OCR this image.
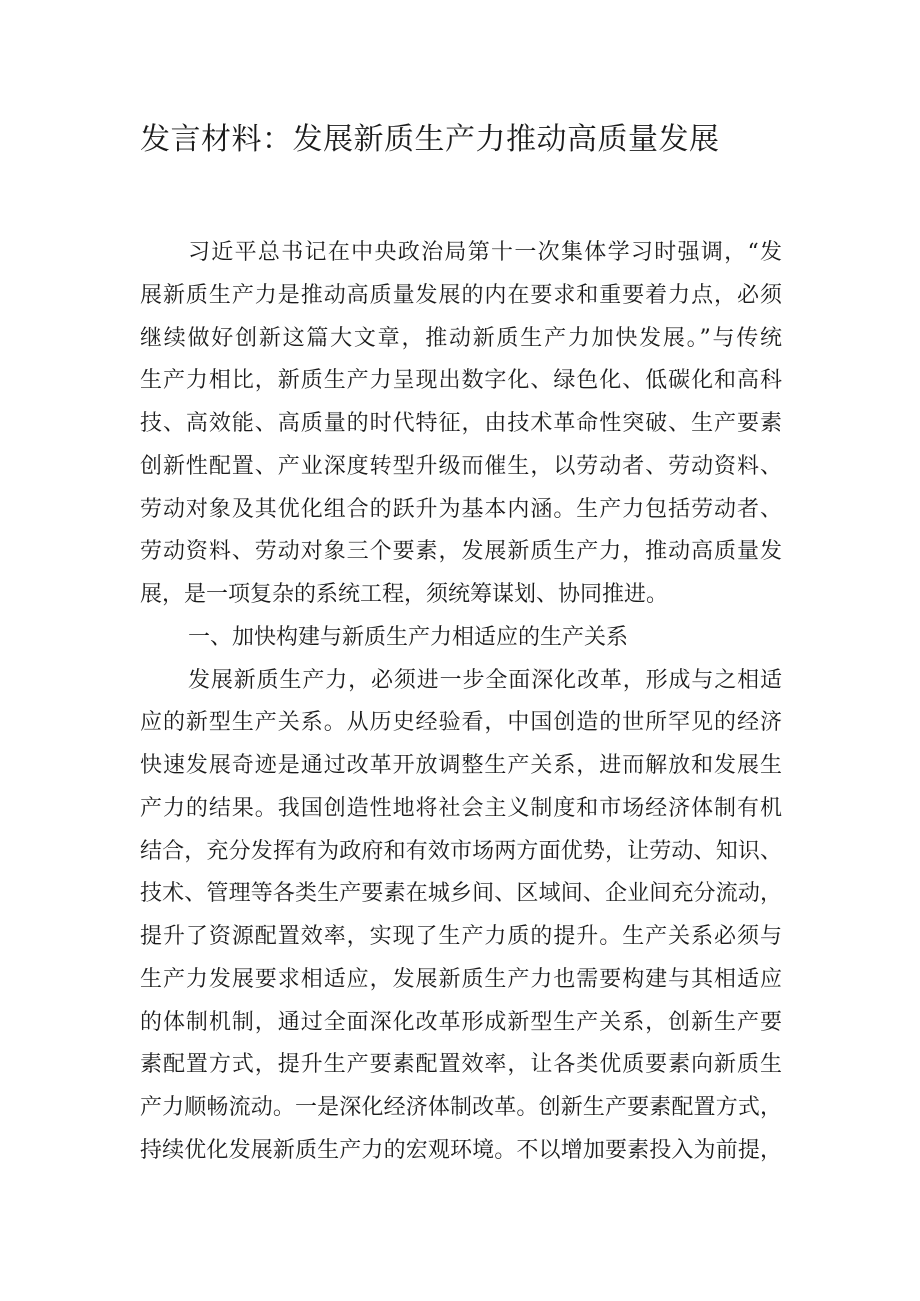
发言材料：发展新质生产力推动高质量发展
习近平总书记在中央政治局第十一次集体学习时强调，“发
展新质生产力是推动高质量发展的内在要求和重要着力点，必须
继续做好创新这篇大文章，推动新质生产力加快发展。”与传统
生产力相比，新质生产力呈现出数字化、绿色化、低碳化和高科
技、高效能、高质量的时代特征，由技术革命性突破、生产要素
创新性配置、产业深度转型升级而催生，以劳动者、劳动资料、
劳动对象及其优化组合的跃升为基本内涵。生产力包括劳动者、
劳动资料、劳动对象三个要素，发展新质生产力，推动高质量发
展，是一项复杂的系统工程，须统筹谋划、协同推进。
一、加快构建与新质生产力相适应的生产关系
发展新质生产力，必须进一步全面深化改革，形成与之相适
应的新型生产关系。从历史经验看，中国创造的世所罕见的经济
快速发展奇迹是通过改革开放调整生产关系，进而解放和发展生
产力的结果。我国创造性地将社会主义制度和市场经济体制有机
结合，充分发挥有为政府和有效市场两方面优势，让劳动、知识、
技术、管理等各类生产要素在城乡间、区域间、企业间充分流动，
提升了资源配置效率，实现了生产力质的提升。生产关系必须与
生产力发展要求相适应，发展新质生产力也需要构建与其相适应
的体制机制，通过全面深化改革形成新型生产关系，创新生产要
素配置方式，提升生产要素配置效率，让各类优质要素向新质生
产力顺畅流动。一是深化经济体制改革。创新生产要素配置方式，
持续优化发展新质生产力的宏观环境。不以增加要素投入为前提，
